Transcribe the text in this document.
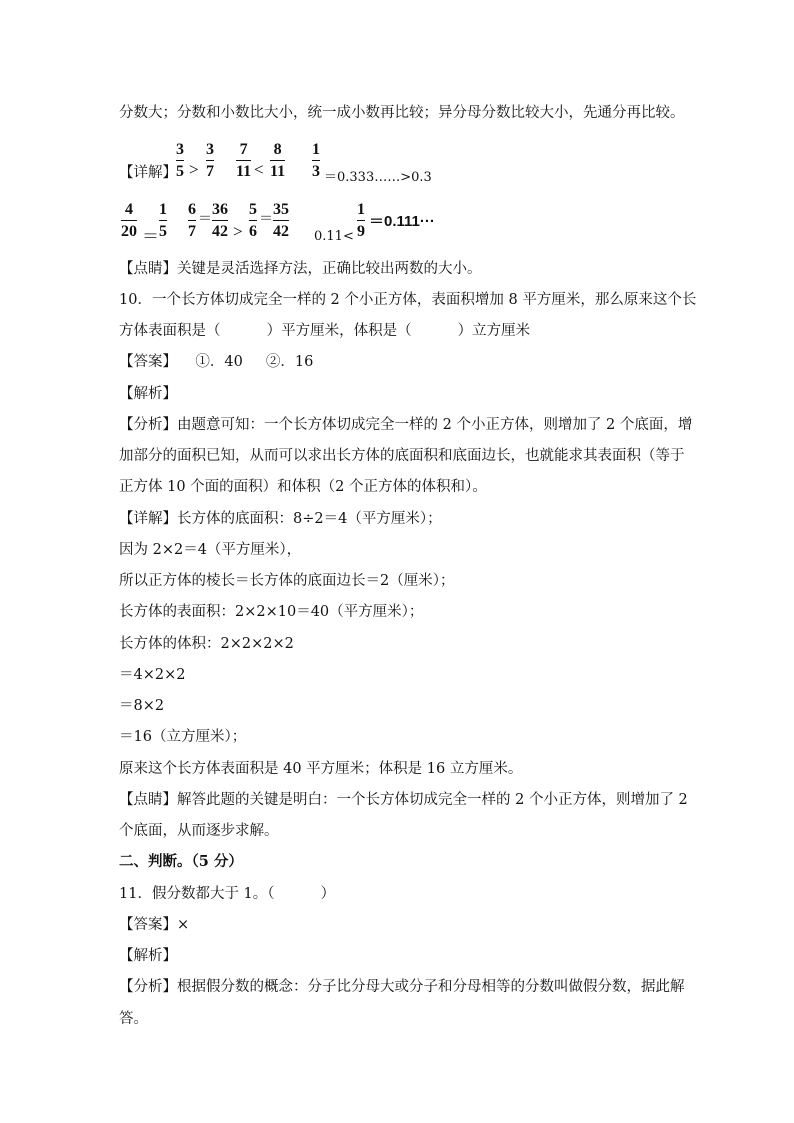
分数大；分数和小数比大小，统一成小数再比较；异分母分数比较大小，先通分再比较。
【详解】
3
5 >
3
7
7
11 <
8
11
1
3 ＝0.333……>0.3
4
20 ＝
1
5
6
7
＝
36
42 >
5
6
＝
35
42 0.11<
1
9
＝0.111···
【点睛】关键是灵活选择方法，正确比较出两数的大小。
10．一个长方体切成完全一样的 2 个小正方体，表面积增加 8 平方厘米，那么原来这个长
方体表面积是（          ）平方厘米，体积是（          ）立方厘米
【答案】    ①．40     ②．16
【解析】
【分析】由题意可知：一个长方体切成完全一样的 2 个小正方体，则增加了 2 个底面，增
加部分的面积已知，从而可以求出长方体的底面积和底面边长，也就能求其表面积（等于
正方体 10 个面的面积）和体积（2 个正方体的体积和）。
【详解】长方体的底面积：8÷2＝4（平方厘米）；
因为 2×2＝4（平方厘米），
所以正方体的棱长＝长方体的底面边长＝2（厘米）；
长方体的表面积：2×2×10＝40（平方厘米）；
长方体的体积：2×2×2×2
＝4×2×2
＝8×2
＝16（立方厘米）；
原来这个长方体表面积是 40 平方厘米；体积是 16 立方厘米。
【点睛】解答此题的关键是明白：一个长方体切成完全一样的 2 个小正方体，则增加了 2
个底面，从而逐步求解。
二、判断。（5 分）
11．假分数都大于 1。（          ）
【答案】×
【解析】
【分析】根据假分数的概念：分子比分母大或分子和分母相等的分数叫做假分数，据此解
答。
